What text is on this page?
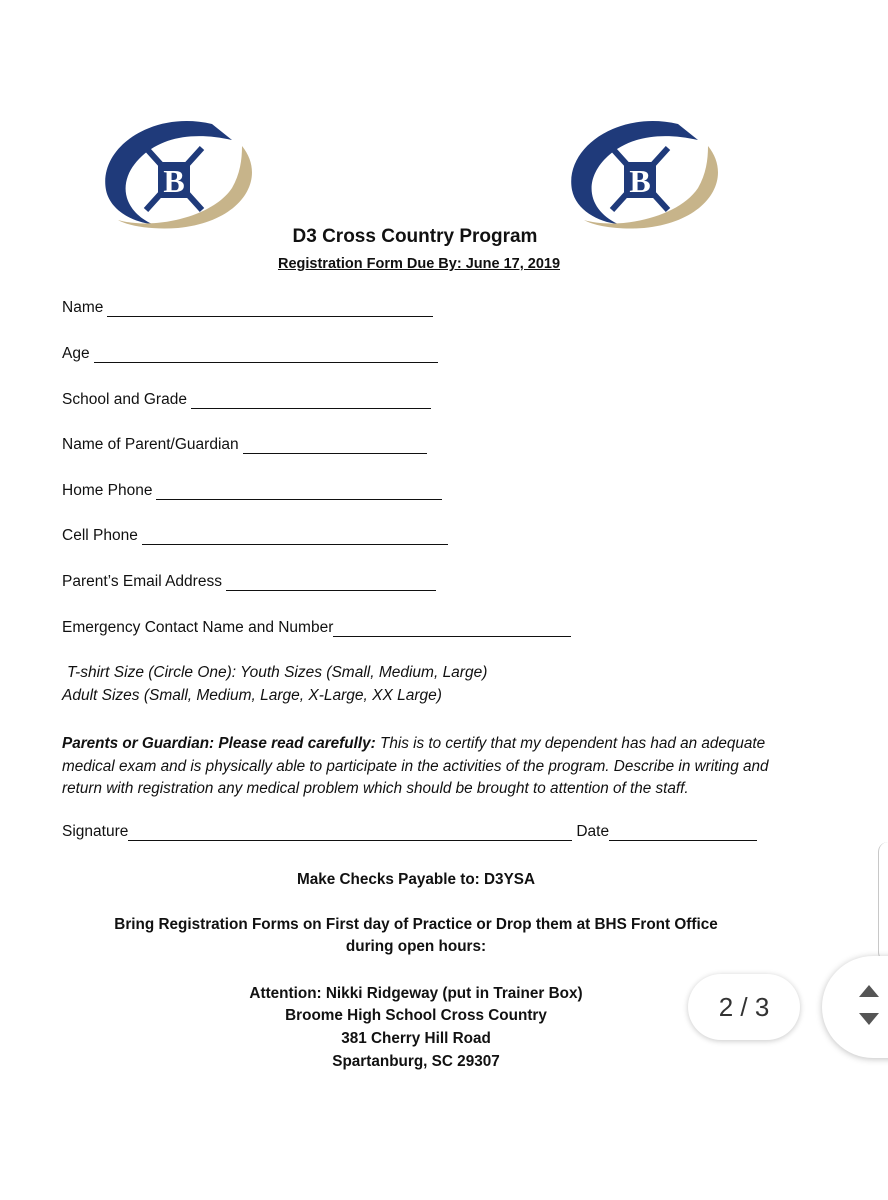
B	B
D3 Cross Country Program
Registration Form Due By: June 17, 2019
Name
Age
School and Grade
Name of Parent/Guardian
Home Phone
Cell Phone
Parent’s Email Address
Emergency Contact Name and Number
T-shirt Size (Circle One): Youth Sizes (Small, Medium, Large)
Adult Sizes (Small, Medium, Large, X-Large, XX Large)
Parents or Guardian: Please read carefully: This is to certify that my dependent has had an adequate medical exam and is physically able to participate in the activities of the program. Describe in writing and return with registration any medical problem which should be brought to attention of the staff.
Signature	Date
Make Checks Payable to: D3YSA
Bring Registration Forms on First day of Practice or Drop them at BHS Front Office
during open hours:
Attention: Nikki Ridgeway (put in Trainer Box)
Broome High School Cross Country
381 Cherry Hill Road
Spartanburg, SC 29307
2 / 3
